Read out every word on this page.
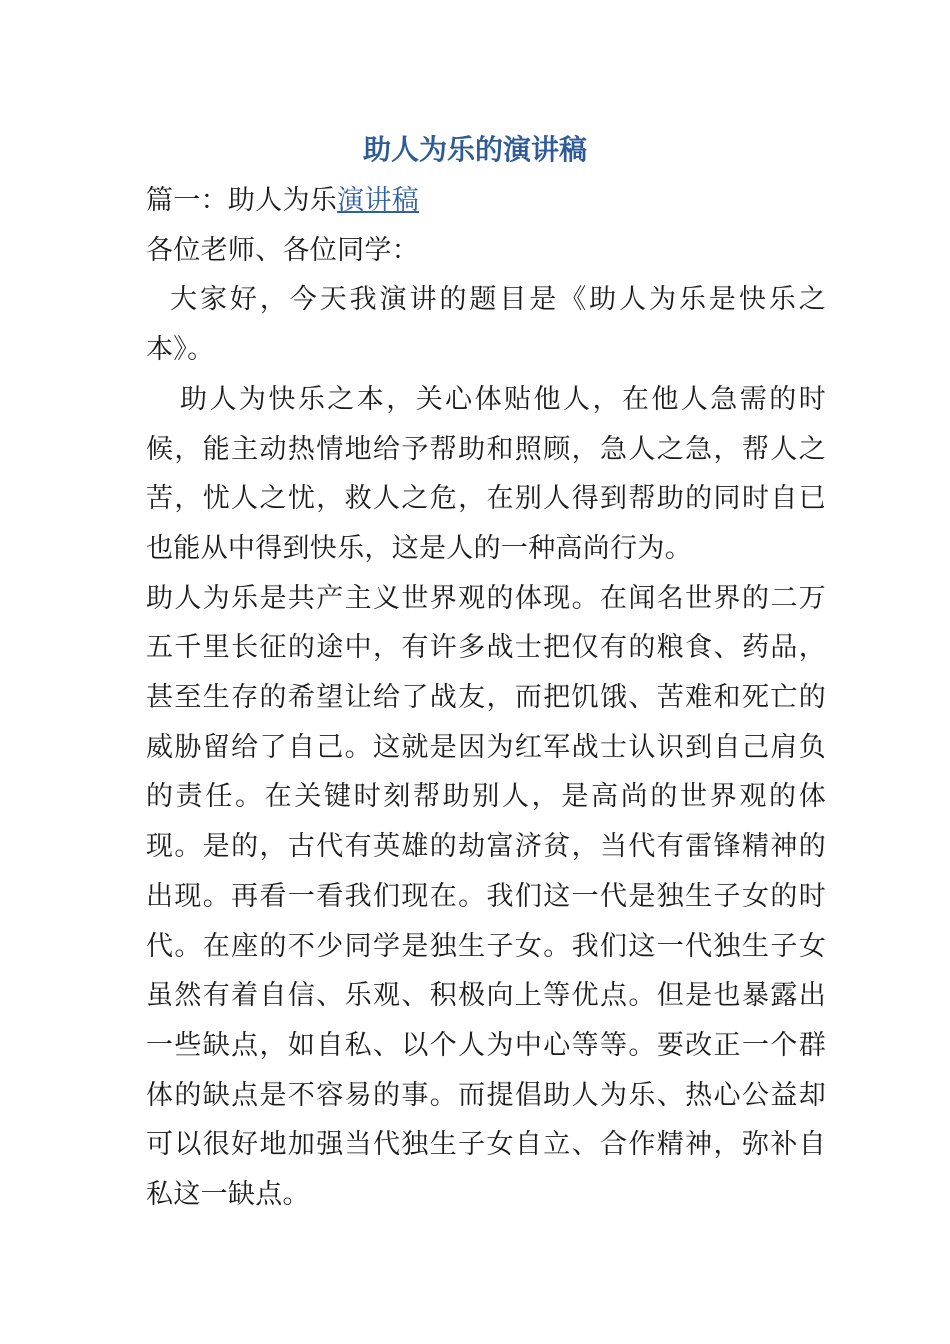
助人为乐的演讲稿

篇一：助人为乐演讲稿

各位老师、各位同学：

大家好，今天我演讲的题目是《助人为乐是快乐之本》。

助人为快乐之本，关心体贴他人，在他人急需的时候，能主动热情地给予帮助和照顾，急人之急，帮人之苦，忧人之忧，救人之危，在别人得到帮助的同时自已也能从中得到快乐，这是人的一种高尚行为。

助人为乐是共产主义世界观的体现。在闻名世界的二万五千里长征的途中，有许多战士把仅有的粮食、药品，甚至生存的希望让给了战友，而把饥饿、苦难和死亡的威胁留给了自己。这就是因为红军战士认识到自己肩负的责任。在关键时刻帮助别人，是高尚的世界观的体现。是的，古代有英雄的劫富济贫，当代有雷锋精神的出现。再看一看我们现在。我们这一代是独生子女的时代。在座的不少同学是独生子女。我们这一代独生子女虽然有着自信、乐观、积极向上等优点。但是也暴露出一些缺点，如自私、以个人为中心等等。要改正一个群体的缺点是不容易的事。而提倡助人为乐、热心公益却可以很好地加强当代独生子女自立、合作精神，弥补自私这一缺点。
